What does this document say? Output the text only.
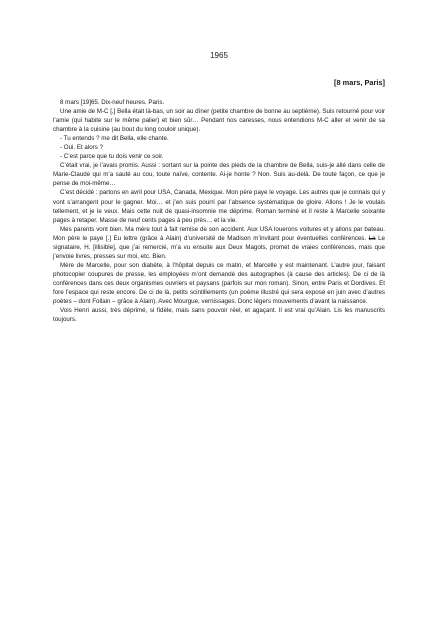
1965
[8 mars, Paris]

8 mars [19]65. Dix-neuf heures. Paris.

Une amie de M-C [,] Bella était là-bas, un soir au dîner (petite chambre de bonne au septième). Suis retourné pour voir l’amie (qui habite sur le même palier) et bien sûr… Pendant nos caresses, nous entendions M-C aller et venir de sa chambre à la cuisine (au bout du long couloir unique).

- Tu entends ? me dit Bella, elle chante.

- Oui. Et alors ?

- C’est parce que tu dois venir ce soir.

C’était vrai, je l’avais promis. Aussi : sortant sur la pointe des pieds de la chambre de Bella, suis-je allé dans celle de Marie-Claude qui m’a sauté au cou, toute naïve, contente. Ai-je honte ? Non. Suis au-delà. De toute façon, ce que je pense de moi-même…

C’est décidé : partons en avril pour USA, Canada, Mexique. Mon père paye le voyage. Les autres que je connais qui y vont s’arrangent pour le gagner. Moi… et j’en suis pourri par l’absence systématique de gloire. Allons ! Je le voulais tellement, et je le veux. Mais cette nuit de quasi-insomnie me déprime. Roman terminé et il reste à Marcelle soixante pages à retaper. Masse de neuf cents pages à peu près… et la vie.

Mes parents vont bien. Ma mère tout à fait remise de son accident. Aux USA louerons voitures et y allons par bateau. Mon père le paye [.] Eu lettre (grâce à Alain) d’université de Madison m’invitant pour éventuelles conférences. La Le signataire, H. [illisible], que j’ai remercié, m’a vu ensuite aux Deux Magots, promet de vraies conférences, mais que j’envoie livres, presses sur moi, etc. Bien.

Mère de Marcelle, pour son diabète, à l’hôpital depuis ce matin, et Marcelle y est maintenant. L’autre jour, faisant photocopier coupures de presse, les employées m’ont demandé des autographes (à cause des articles). De ci de là conférences dans ces deux organismes ouvriers et paysans (parfois sur mon roman). Sinon, entre Paris et Dordives. Et fore l’espace qui reste encore. De ci de là, petits scintillements (un poème illustré qui sera exposé en juin avec d’autres poètes – dont Follain – grâce à Alain). Avec Mourgue, vernissages. Donc légers mouvements d’avant la naissance.

Vois Henri aussi, très déprimé, si fidèle, mais sans pouvoir réel, et agaçant. Il est vrai qu’Alain. Lis les manuscrits toujours.
